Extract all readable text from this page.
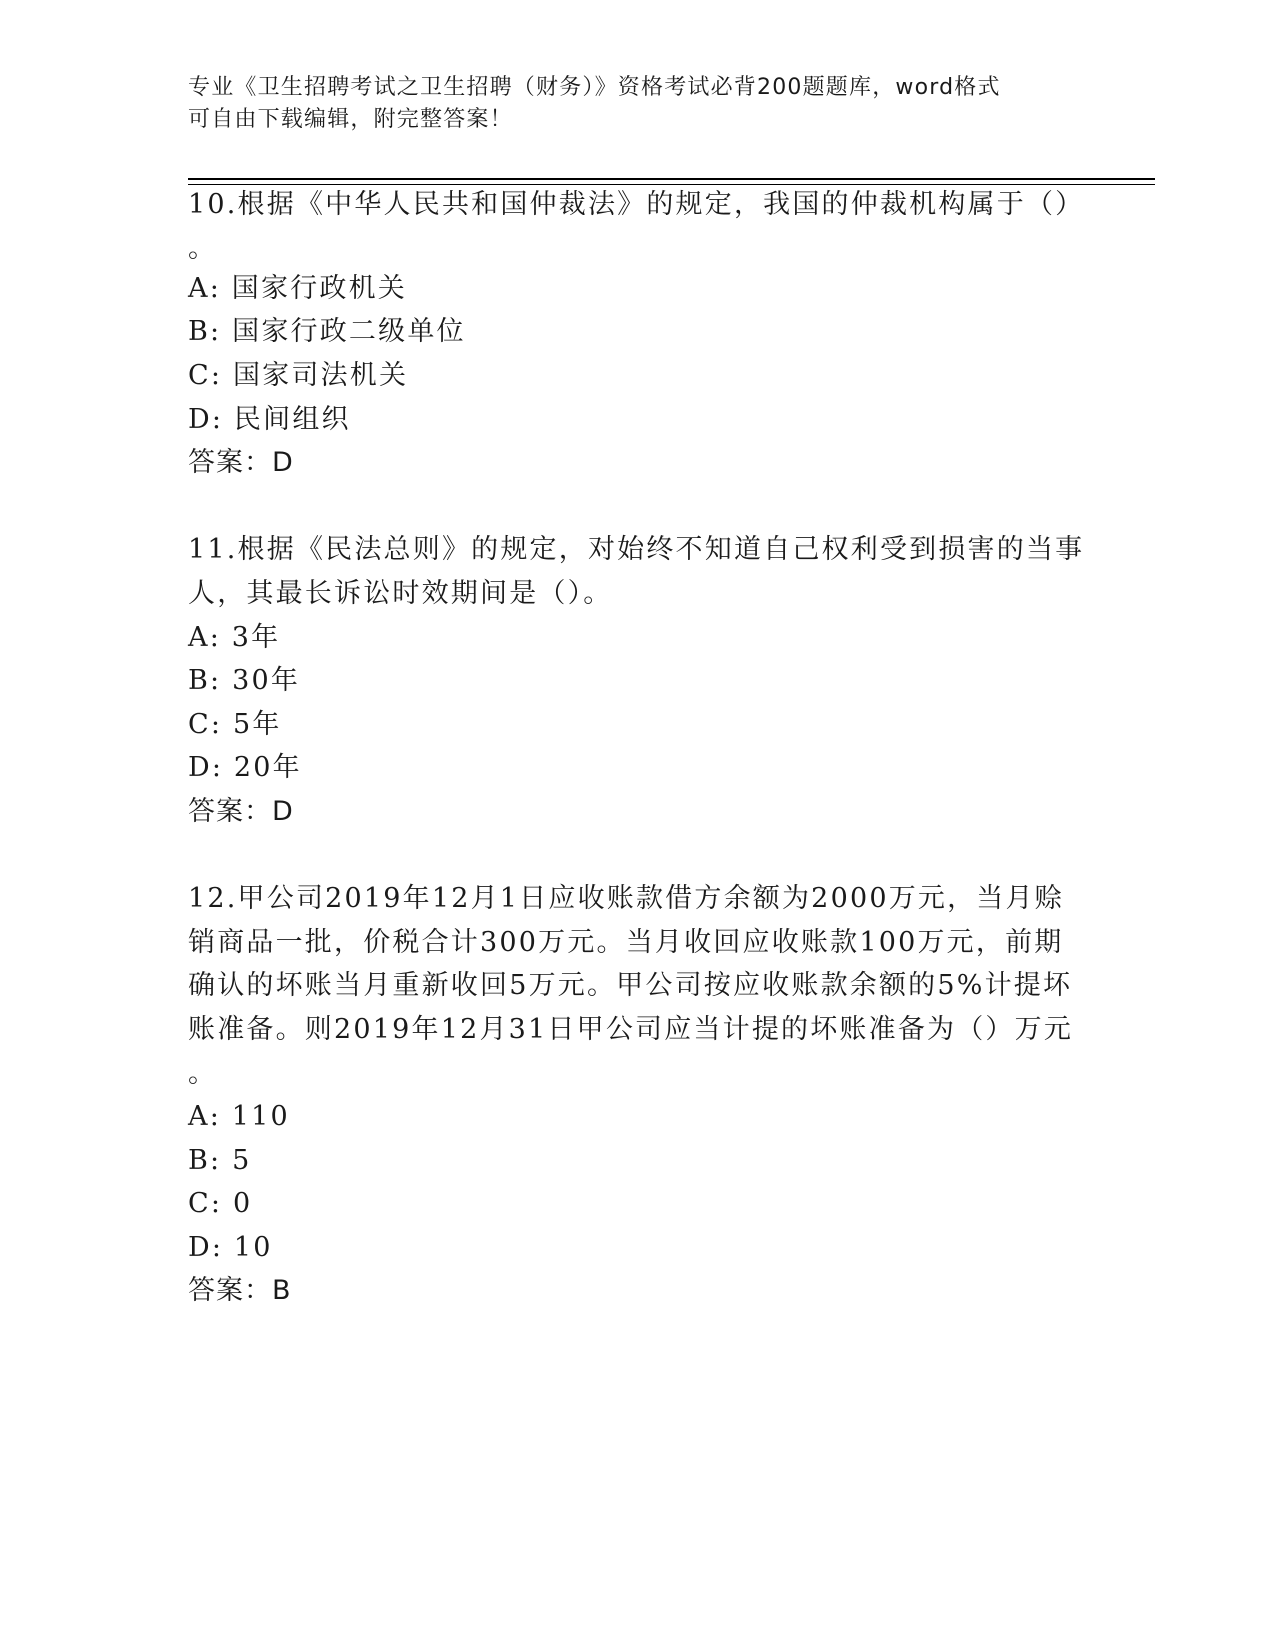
专业《卫生招聘考试之卫生招聘（财务）》资格考试必背200题题库，word格式
可自由下载编辑，附完整答案！
10.根据《中华人民共和国仲裁法》的规定，我国的仲裁机构属于（）
。
A: 国家行政机关
B: 国家行政二级单位
C: 国家司法机关
D: 民间组织
答案：D
11.根据《民法总则》的规定，对始终不知道自己权利受到损害的当事
人，其最长诉讼时效期间是（）。
A: 3年
B: 30年
C: 5年
D: 20年
答案：D
12.甲公司2019年12月1日应收账款借方余额为2000万元，当月赊
销商品一批，价税合计300万元。当月收回应收账款100万元，前期
确认的坏账当月重新收回5万元。甲公司按应收账款余额的5%计提坏
账准备。则2019年12月31日甲公司应当计提的坏账准备为（）万元
。
A: 110
B: 5
C: 0
D: 10
答案：B
